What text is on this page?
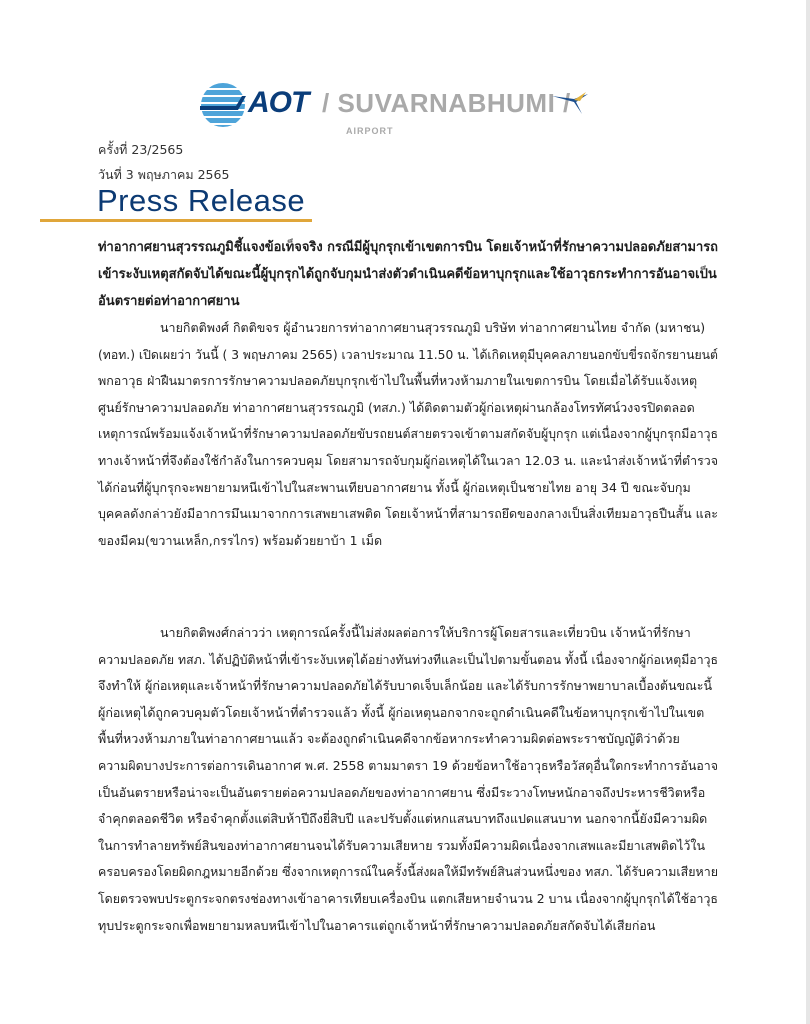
AOT / SUVARNABHUMI /
AIRPORT
ครั้งที่ 23/2565
วันที่ 3 พฤษภาคม 2565
Press Release
ท่าอากาศยานสุวรรณภูมิชี้แจงข้อเท็จจริง กรณีมีผู้บุกรุกเข้าเขตการบิน โดยเจ้าหน้าที่รักษาความปลอดภัยสามารถ
เข้าระงับเหตุสกัดจับได้ขณะนี้ผู้บุกรุกได้ถูกจับกุมนำส่งตัวดำเนินคดีข้อหาบุกรุกและใช้อาวุธกระทำการอันอาจเป็น
อันตรายต่อท่าอากาศยาน
นายกิตติพงศ์ กิตติขจร ผู้อำนวยการท่าอากาศยานสุวรรณภูมิ บริษัท ท่าอากาศยานไทย จำกัด (มหาชน)
(ทอท.) เปิดเผยว่า วันนี้ ( 3 พฤษภาคม 2565) เวลาประมาณ 11.50 น. ได้เกิดเหตุมีบุคคลภายนอกขับขี่รถจักรยานยนต์
พกอาวุธ ฝ่าฝืนมาตรการรักษาความปลอดภัยบุกรุกเข้าไปในพื้นที่หวงห้ามภายในเขตการบิน โดยเมื่อได้รับแจ้งเหตุ
ศูนย์รักษาความปลอดภัย ท่าอากาศยานสุวรรณภูมิ (ทสภ.) ได้ติดตามตัวผู้ก่อเหตุผ่านกล้องโทรทัศน์วงจรปิดตลอด
เหตุการณ์พร้อมแจ้งเจ้าหน้าที่รักษาความปลอดภัยขับรถยนต์สายตรวจเข้าตามสกัดจับผู้บุกรุก แต่เนื่องจากผู้บุกรุกมีอาวุธ
ทางเจ้าหน้าที่จึงต้องใช้กำลังในการควบคุม โดยสามารถจับกุมผู้ก่อเหตุได้ในเวลา 12.03 น. และนำส่งเจ้าหน้าที่ตำรวจ
ได้ก่อนที่ผู้บุกรุกจะพยายามหนีเข้าไปในสะพานเทียบอากาศยาน ทั้งนี้ ผู้ก่อเหตุเป็นชายไทย อายุ 34 ปี ขณะจับกุม
บุคคลดังกล่าวยังมีอาการมึนเมาจากการเสพยาเสพติด โดยเจ้าหน้าที่สามารถยึดของกลางเป็นสิ่งเทียมอาวุธปืนสั้น และ
ของมีคม(ขวานเหล็ก,กรรไกร) พร้อมด้วยยาบ้า 1 เม็ด
นายกิตติพงศ์กล่าวว่า เหตุการณ์ครั้งนี้ไม่ส่งผลต่อการให้บริการผู้โดยสารและเที่ยวบิน เจ้าหน้าที่รักษา
ความปลอดภัย ทสภ. ได้ปฏิบัติหน้าที่เข้าระงับเหตุได้อย่างทันท่วงทีและเป็นไปตามขั้นตอน ทั้งนี้ เนื่องจากผู้ก่อเหตุมีอาวุธ
จึงทำให้ ผู้ก่อเหตุและเจ้าหน้าที่รักษาความปลอดภัยได้รับบาดเจ็บเล็กน้อย และได้รับการรักษาพยาบาลเบื้องต้นขณะนี้
ผู้ก่อเหตุได้ถูกควบคุมตัวโดยเจ้าหน้าที่ตำรวจแล้ว ทั้งนี้ ผู้ก่อเหตุนอกจากจะถูกดำเนินคดีในข้อหาบุกรุกเข้าไปในเขต
พื้นที่หวงห้ามภายในท่าอากาศยานแล้ว จะต้องถูกดำเนินคดีจากข้อหากระทำความผิดต่อพระราชบัญญัติว่าด้วย
ความผิดบางประการต่อการเดินอากาศ พ.ศ. 2558 ตามมาตรา 19 ด้วยข้อหาใช้อาวุธหรือวัสดุอื่นใดกระทำการอันอาจ
เป็นอันตรายหรือน่าจะเป็นอันตรายต่อความปลอดภัยของท่าอากาศยาน ซึ่งมีระวางโทษหนักอาจถึงประหารชีวิตหรือ
จำคุกตลอดชีวิต หรือจำคุกตั้งแต่สิบห้าปีถึงยี่สิบปี และปรับตั้งแต่หกแสนบาทถึงแปดแสนบาท นอกจากนี้ยังมีความผิด
ในการทำลายทรัพย์สินของท่าอากาศยานจนได้รับความเสียหาย รวมทั้งมีความผิดเนื่องจากเสพและมียาเสพติดไว้ใน
ครอบครองโดยผิดกฎหมายอีกด้วย ซึ่งจากเหตุการณ์ในครั้งนี้ส่งผลให้มีทรัพย์สินส่วนหนึ่งของ ทสภ. ได้รับความเสียหาย
โดยตรวจพบประตูกระจกตรงช่องทางเข้าอาคารเทียบเครื่องบิน แตกเสียหายจำนวน 2 บาน เนื่องจากผู้บุกรุกได้ใช้อาวุธ
ทุบประตูกระจกเพื่อพยายามหลบหนีเข้าไปในอาคารแต่ถูกเจ้าหน้าที่รักษาความปลอดภัยสกัดจับได้เสียก่อน
